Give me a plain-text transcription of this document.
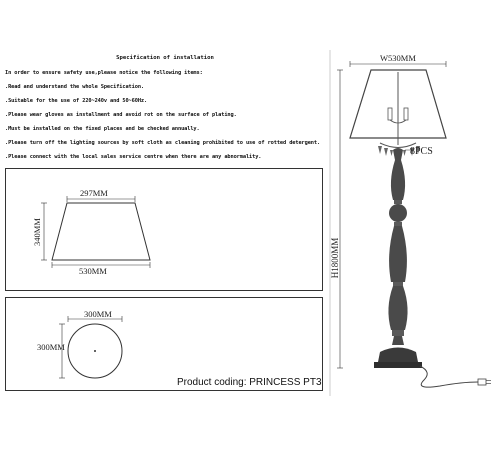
Specification of installation
In order to ensure safety use,please notice the following items:
.Read and understand the whole Specification.
.Suitable for the use of 220~240v and 50~60Hz.
.Please wear gloves as installment and avoid rot on the surface of plating.
.Must be installed on the fixed places and be checked annually.
.Please turn off the lighting sources by soft cloth as cleaning prohibited to use of rotted detergent.
.Please connect with the local sales service centre when there are any abnormality.
297MM
340MM
530MM
300MM
300MM
Product coding: PRINCESS PT3
W530MM
8PCS
H1800MM
